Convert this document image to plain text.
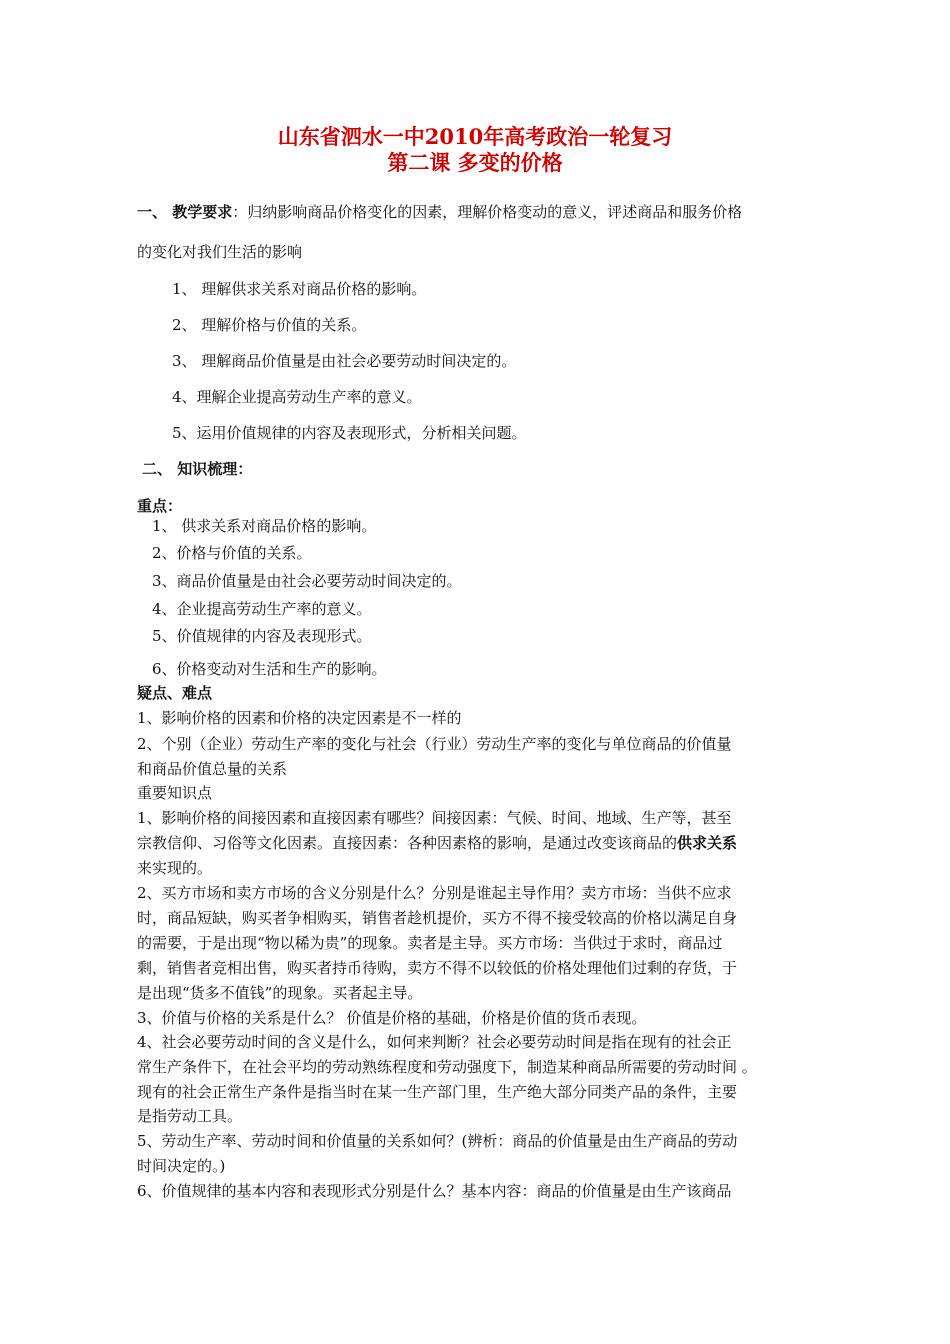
山东省泗水一中2010年高考政治一轮复习
第二课 多变的价格
一、 教学要求：归纳影响商品价格变化的因素，理解价格变动的意义，评述商品和服务价格
的变化对我们生活的影响
1、 理解供求关系对商品价格的影响。
2、 理解价格与价值的关系。
3、 理解商品价值量是由社会必要劳动时间决定的。
4、理解企业提高劳动生产率的意义。
5、运用价值规律的内容及表现形式，分析相关问题。
二、 知识梳理：
重点：
1、 供求关系对商品价格的影响。
2、价格与价值的关系。
3、商品价值量是由社会必要劳动时间决定的。
4、企业提高劳动生产率的意义。
5、价值规律的内容及表现形式。
6、价格变动对生活和生产的影响。
疑点、难点
1、影响价格的因素和价格的决定因素是不一样的
2、个别（企业）劳动生产率的变化与社会（行业）劳动生产率的变化与单位商品的价值量
和商品价值总量的关系
重要知识点
1、影响价格的间接因素和直接因素有哪些？间接因素：气候、时间、地域、生产等，甚至
宗教信仰、习俗等文化因素。直接因素：各种因素格的影响，是通过改变该商品的供求关系
来实现的。
2、买方市场和卖方市场的含义分别是什么？分别是谁起主导作用？卖方市场：当供不应求
时，商品短缺，购买者争相购买，销售者趁机提价，买方不得不接受较高的价格以满足自身
的需要，于是出现“物以稀为贵”的现象。卖者是主导。买方市场：当供过于求时，商品过
剩，销售者竞相出售，购买者持币待购，卖方不得不以较低的价格处理他们过剩的存货，于
是出现“货多不值钱”的现象。买者起主导。
3、价值与价格的关系是什么？ 价值是价格的基础，价格是价值的货币表现。
4、社会必要劳动时间的含义是什么，如何来判断？社会必要劳动时间是指在现有的社会正
常生产条件下，在社会平均的劳动熟练程度和劳动强度下，制造某种商品所需要的劳动时间 。
现有的社会正常生产条件是指当时在某一生产部门里，生产绝大部分同类产品的条件，主要
是指劳动工具。
5、劳动生产率、劳动时间和价值量的关系如何？(辨析：商品的价值量是由生产商品的劳动
时间决定的。)
6、价值规律的基本内容和表现形式分别是什么？基本内容：商品的价值量是由生产该商品
